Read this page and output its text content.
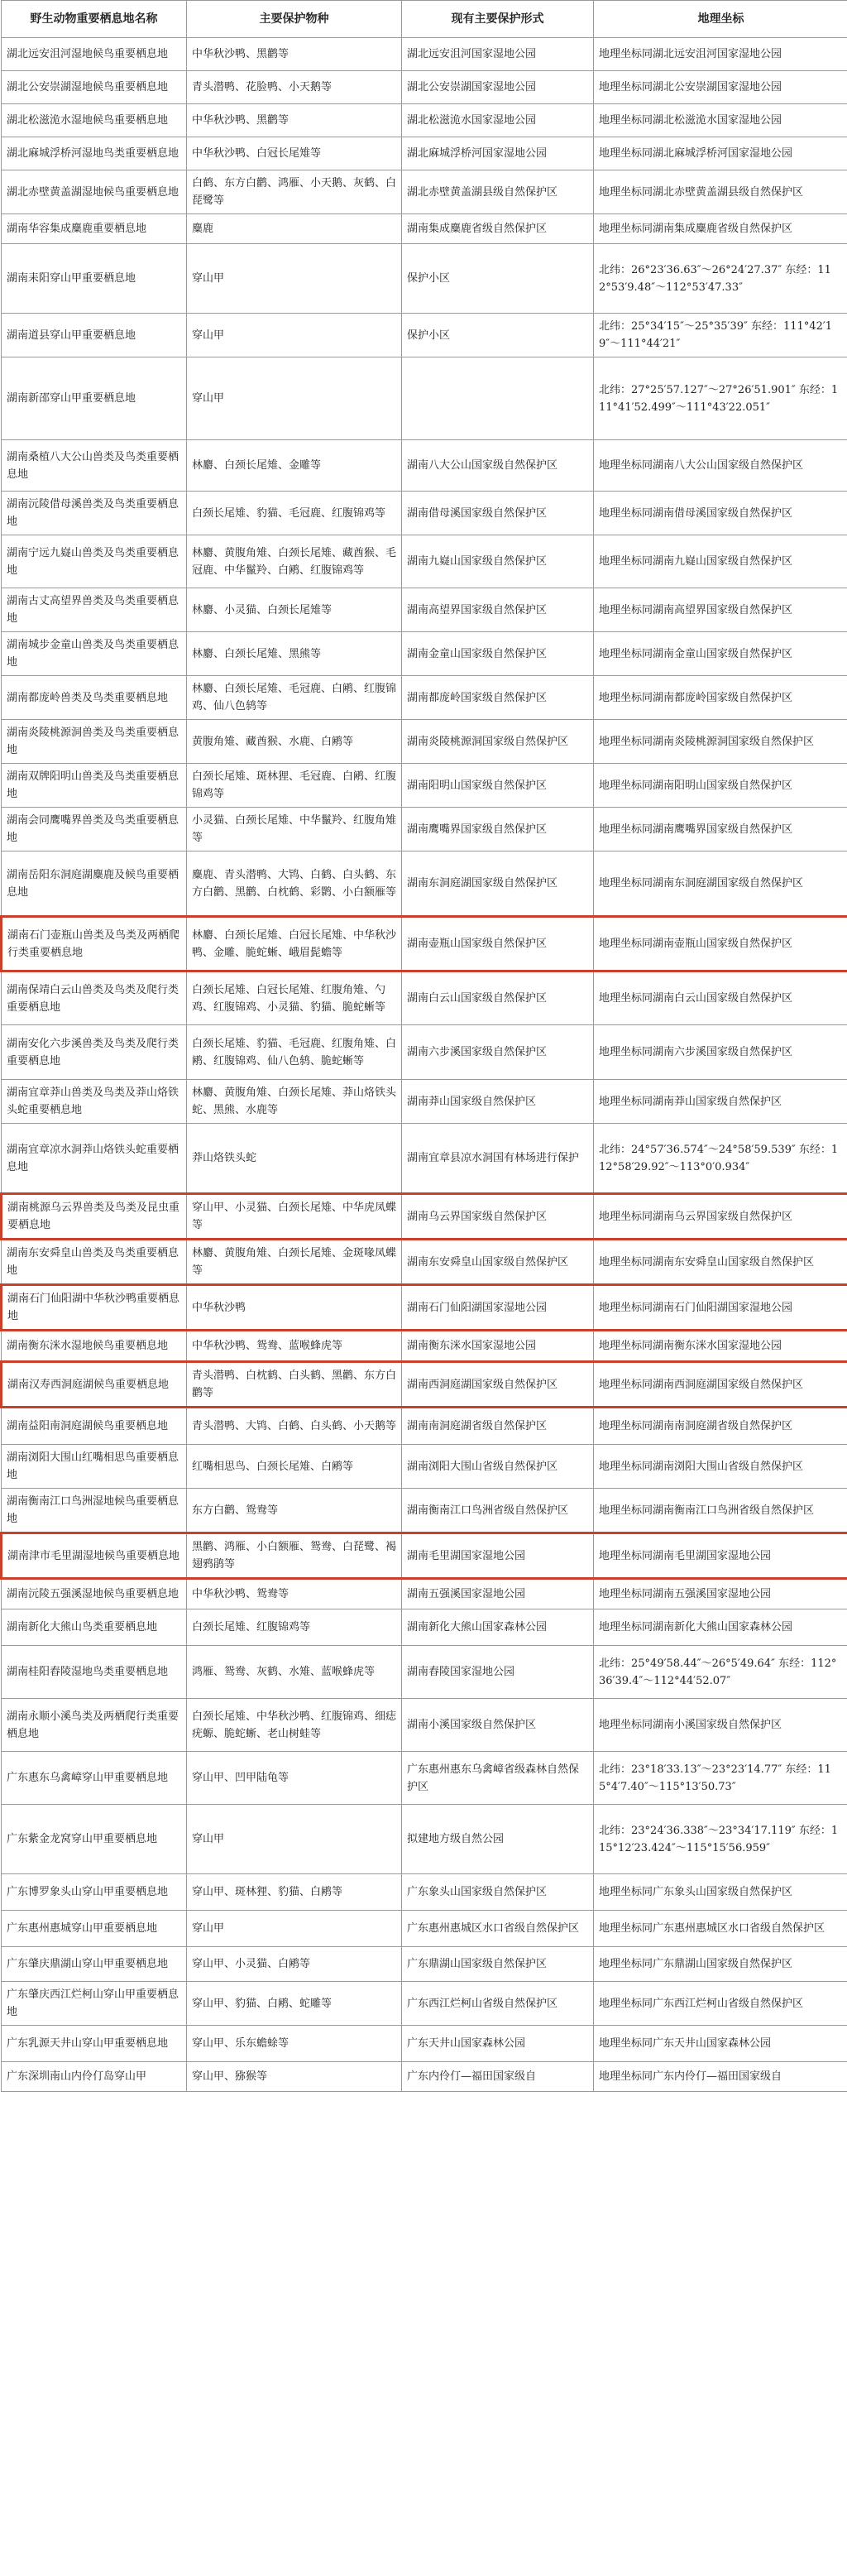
野生动物重要栖息地名称	主要保护物种	现有主要保护形式	地理坐标
湖北远安沮河湿地候鸟重要栖息地	中华秋沙鸭、黑鹳等	湖北远安沮河国家湿地公园	地理坐标同湖北远安沮河国家湿地公园
湖北公安崇湖湿地候鸟重要栖息地	青头潜鸭、花脸鸭、小天鹅等	湖北公安崇湖国家湿地公园	地理坐标同湖北公安崇湖国家湿地公园
湖北松滋洈水湿地候鸟重要栖息地	中华秋沙鸭、黑鹳等	湖北松滋洈水国家湿地公园	地理坐标同湖北松滋洈水国家湿地公园
湖北麻城浮桥河湿地鸟类重要栖息地	中华秋沙鸭、白冠长尾雉等	湖北麻城浮桥河国家湿地公园	地理坐标同湖北麻城浮桥河国家湿地公园
湖北赤壁黄盖湖湿地候鸟重要栖息地	白鹤、东方白鹳、鸿雁、小天鹅、灰鹤、白琵鹭等	湖北赤壁黄盖湖县级自然保护区	地理坐标同湖北赤壁黄盖湖县级自然保护区
湖南华容集成麋鹿重要栖息地	麋鹿	湖南集成麋鹿省级自然保护区	地理坐标同湖南集成麋鹿省级自然保护区
湖南耒阳穿山甲重要栖息地	穿山甲	保护小区	北纬：26°23′36.63″～26°24′27.37″ 东经：112°53′9.48″～112°53′47.33″
湖南道县穿山甲重要栖息地	穿山甲	保护小区	北纬：25°34′15″～25°35′39″ 东经：111°42′19″～111°44′21″
湖南新邵穿山甲重要栖息地	穿山甲		北纬：27°25′57.127″～27°26′51.901″ 东经：111°41′52.499″～111°43′22.051″
湖南桑植八大公山兽类及鸟类重要栖息地	林麝、白颈长尾雉、金雕等	湖南八大公山国家级自然保护区	地理坐标同湖南八大公山国家级自然保护区
湖南沅陵借母溪兽类及鸟类重要栖息地	白颈长尾雉、豹猫、毛冠鹿、红腹锦鸡等	湖南借母溪国家级自然保护区	地理坐标同湖南借母溪国家级自然保护区
湖南宁远九嶷山兽类及鸟类重要栖息地	林麝、黄腹角雉、白颈长尾雉、藏酋猴、毛冠鹿、中华鬣羚、白鹇、红腹锦鸡等	湖南九嶷山国家级自然保护区	地理坐标同湖南九嶷山国家级自然保护区
湖南古丈高望界兽类及鸟类重要栖息地	林麝、小灵猫、白颈长尾雉等	湖南高望界国家级自然保护区	地理坐标同湖南高望界国家级自然保护区
湖南城步金童山兽类及鸟类重要栖息地	林麝、白颈长尾雉、黑熊等	湖南金童山国家级自然保护区	地理坐标同湖南金童山国家级自然保护区
湖南都庞岭兽类及鸟类重要栖息地	林麝、白颈长尾雉、毛冠鹿、白鹇、红腹锦鸡、仙八色鸫等	湖南都庞岭国家级自然保护区	地理坐标同湖南都庞岭国家级自然保护区
湖南炎陵桃源洞兽类及鸟类重要栖息地	黄腹角雉、藏酋猴、水鹿、白鹇等	湖南炎陵桃源洞国家级自然保护区	地理坐标同湖南炎陵桃源洞国家级自然保护区
湖南双牌阳明山兽类及鸟类重要栖息地	白颈长尾雉、斑林狸、毛冠鹿、白鹇、红腹锦鸡等	湖南阳明山国家级自然保护区	地理坐标同湖南阳明山国家级自然保护区
湖南会同鹰嘴界兽类及鸟类重要栖息地	小灵猫、白颈长尾雉、中华鬣羚、红腹角雉等	湖南鹰嘴界国家级自然保护区	地理坐标同湖南鹰嘴界国家级自然保护区
湖南岳阳东洞庭湖麋鹿及候鸟重要栖息地	麋鹿、青头潜鸭、大鸨、白鹤、白头鹤、东方白鹳、黑鹳、白枕鹤、彩鹮、小白额雁等	湖南东洞庭湖国家级自然保护区	地理坐标同湖南东洞庭湖国家级自然保护区
湖南石门壶瓶山兽类及鸟类及两栖爬行类重要栖息地	林麝、白颈长尾雉、白冠长尾雉、中华秋沙鸭、金雕、脆蛇蜥、峨眉髭蟾等	湖南壶瓶山国家级自然保护区	地理坐标同湖南壶瓶山国家级自然保护区
湖南保靖白云山兽类及鸟类及爬行类重要栖息地	白颈长尾雉、白冠长尾雉、红腹角雉、勺鸡、红腹锦鸡、小灵猫、豹猫、脆蛇蜥等	湖南白云山国家级自然保护区	地理坐标同湖南白云山国家级自然保护区
湖南安化六步溪兽类及鸟类及爬行类重要栖息地	白颈长尾雉、豹猫、毛冠鹿、红腹角雉、白鹇、红腹锦鸡、仙八色鸫、脆蛇蜥等	湖南六步溪国家级自然保护区	地理坐标同湖南六步溪国家级自然保护区
湖南宜章莽山兽类及鸟类及莽山烙铁头蛇重要栖息地	林麝、黄腹角雉、白颈长尾雉、莽山烙铁头蛇、黑熊、水鹿等	湖南莽山国家级自然保护区	地理坐标同湖南莽山国家级自然保护区
湖南宜章凉水洞莽山烙铁头蛇重要栖息地	莽山烙铁头蛇	湖南宜章县凉水洞国有林场进行保护	北纬：24°57′36.574″～24°58′59.539″ 东经：112°58′29.92″～113°0′0.934″
湖南桃源乌云界兽类及鸟类及昆虫重要栖息地	穿山甲、小灵猫、白颈长尾雉、中华虎凤蝶等	湖南乌云界国家级自然保护区	地理坐标同湖南乌云界国家级自然保护区
湖南东安舜皇山兽类及鸟类重要栖息地	林麝、黄腹角雉、白颈长尾雉、金斑喙凤蝶等	湖南东安舜皇山国家级自然保护区	地理坐标同湖南东安舜皇山国家级自然保护区
湖南石门仙阳湖中华秋沙鸭重要栖息地	中华秋沙鸭	湖南石门仙阳湖国家湿地公园	地理坐标同湖南石门仙阳湖国家湿地公园
湖南衡东洣水湿地候鸟重要栖息地	中华秋沙鸭、鸳鸯、蓝喉蜂虎等	湖南衡东洣水国家湿地公园	地理坐标同湖南衡东洣水国家湿地公园
湖南汉寿西洞庭湖候鸟重要栖息地	青头潜鸭、白枕鹤、白头鹤、黑鹳、东方白鹳等	湖南西洞庭湖国家级自然保护区	地理坐标同湖南西洞庭湖国家级自然保护区
湖南益阳南洞庭湖候鸟重要栖息地	青头潜鸭、大鸨、白鹤、白头鹤、小天鹅等	湖南南洞庭湖省级自然保护区	地理坐标同湖南南洞庭湖省级自然保护区
湖南浏阳大围山红嘴相思鸟重要栖息地	红嘴相思鸟、白颈长尾雉、白鹇等	湖南浏阳大围山省级自然保护区	地理坐标同湖南浏阳大围山省级自然保护区
湖南衡南江口鸟洲湿地候鸟重要栖息地	东方白鹳、鸳鸯等	湖南衡南江口鸟洲省级自然保护区	地理坐标同湖南衡南江口鸟洲省级自然保护区
湖南津市毛里湖湿地候鸟重要栖息地	黑鹳、鸿雁、小白额雁、鸳鸯、白琵鹭、褐翅鸦鹃等	湖南毛里湖国家湿地公园	地理坐标同湖南毛里湖国家湿地公园
湖南沅陵五强溪湿地候鸟重要栖息地	中华秋沙鸭、鸳鸯等	湖南五强溪国家湿地公园	地理坐标同湖南五强溪国家湿地公园
湖南新化大熊山鸟类重要栖息地	白颈长尾雉、红腹锦鸡等	湖南新化大熊山国家森林公园	地理坐标同湖南新化大熊山国家森林公园
湖南桂阳舂陵湿地鸟类重要栖息地	鸿雁、鸳鸯、灰鹤、水雉、蓝喉蜂虎等	湖南舂陵国家湿地公园	北纬：25°49′58.44″～26°5′49.64″ 东经：112°36′39.4″～112°44′52.07″
湖南永顺小溪鸟类及两栖爬行类重要栖息地	白颈长尾雉、中华秋沙鸭、红腹锦鸡、细痣疣螈、脆蛇蜥、老山树蛙等	湖南小溪国家级自然保护区	地理坐标同湖南小溪国家级自然保护区
广东惠东乌禽嶂穿山甲重要栖息地	穿山甲、凹甲陆龟等	广东惠州惠东乌禽嶂省级森林自然保护区	北纬：23°18′33.13″～23°23′14.77″ 东经：115°4′7.40″～115°13′50.73″
广东紫金龙窝穿山甲重要栖息地	穿山甲	拟建地方级自然公园	北纬：23°24′36.338″～23°34′17.119″ 东经：115°12′23.424″～115°15′56.959″
广东博罗象头山穿山甲重要栖息地	穿山甲、斑林狸、豹猫、白鹇等	广东象头山国家级自然保护区	地理坐标同广东象头山国家级自然保护区
广东惠州惠城穿山甲重要栖息地	穿山甲	广东惠州惠城区水口省级自然保护区	地理坐标同广东惠州惠城区水口省级自然保护区
广东肇庆鼎湖山穿山甲重要栖息地	穿山甲、小灵猫、白鹇等	广东鼎湖山国家级自然保护区	地理坐标同广东鼎湖山国家级自然保护区
广东肇庆西江烂柯山穿山甲重要栖息地	穿山甲、豹猫、白鹇、蛇雕等	广东西江烂柯山省级自然保护区	地理坐标同广东西江烂柯山省级自然保护区
广东乳源天井山穿山甲重要栖息地	穿山甲、乐东蟾蜍等	广东天井山国家森林公园	地理坐标同广东天井山国家森林公园
广东深圳南山内伶仃岛穿山甲	穿山甲、猕猴等	广东内伶仃—福田国家级自	地理坐标同广东内伶仃—福田国家级自
